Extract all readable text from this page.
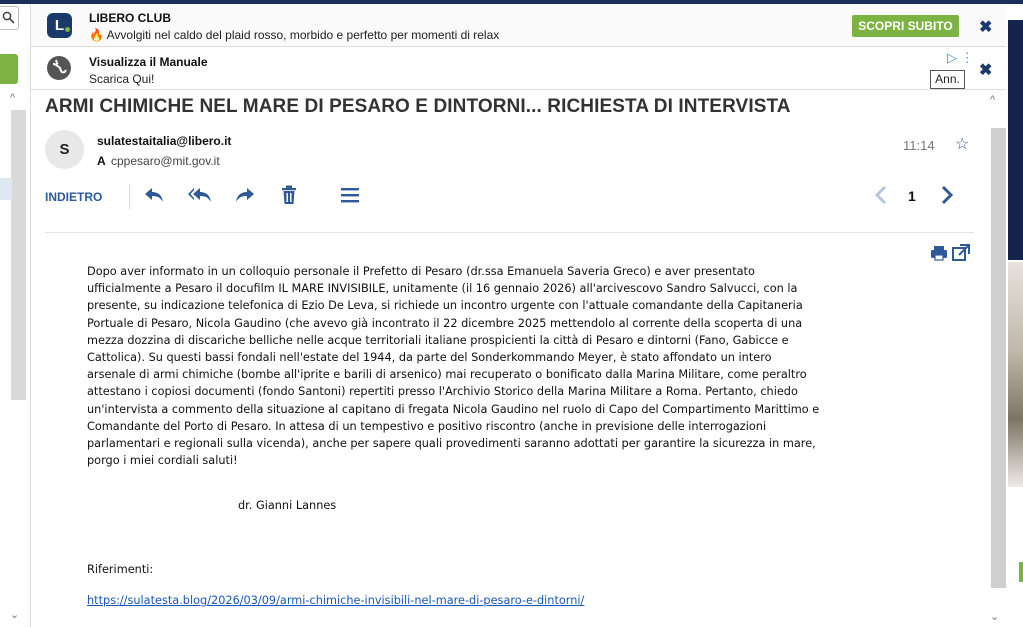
^
⌄
L	LIBERO CLUB
🔥 Avvolgiti nel caldo del plaid rosso, morbido e perfetto per momenti di relax
SCOPRI SUBITO	✖
Visualizza il Manuale
Scarica Qui!
▷ ⋮
Ann.	✖
ARMI CHIMICHE NEL MARE DI PESARO E DINTORNI... RICHIESTA DI INTERVISTA
S	sulatestaitalia@libero.it
A cppesaro@mit.gov.it
11:14 ☆
INDIETRO	1
Dopo aver informato in un colloquio personale il Prefetto di Pesaro (dr.ssa Emanuela Saveria Greco) e aver presentato ufficialmente a Pesaro il docufilm IL MARE INVISIBILE, unitamente (il 16 gennaio 2026) all'arcivescovo Sandro Salvucci, con la presente, su indicazione telefonica di Ezio De Leva, si richiede un incontro urgente con l'attuale comandante della Capitaneria Portuale di Pesaro, Nicola Gaudino (che avevo già incontrato il 22 dicembre 2025 mettendolo al corrente della scoperta di una mezza dozzina di discariche belliche nelle acque territoriali italiane prospicienti la città di Pesaro e dintorni (Fano, Gabicce e Cattolica). Su questi bassi fondali nell'estate del 1944, da parte del Sonderkommando Meyer, è stato affondato un intero arsenale di armi chimiche (bombe all'iprite e barili di arsenico) mai recuperato o bonificato dalla Marina Militare, come peraltro attestano i copiosi documenti (fondo Santoni) repertiti presso l'Archivio Storico della Marina Militare a Roma. Pertanto, chiedo un'intervista a commento della situazione al capitano di fregata Nicola Gaudino nel ruolo di Capo del Compartimento Marittimo e Comandante del Porto di Pesaro. In attesa di un tempestivo e positivo riscontro (anche in previsione delle interrogazioni parlamentari e regionali sulla vicenda), anche per sapere quali provedimenti saranno adottati per garantire la sicurezza in mare, porgo i miei cordiali saluti!
dr. Gianni Lannes
Riferimenti:
https://sulatesta.blog/2026/03/09/armi-chimiche-invisibili-nel-mare-di-pesaro-e-dintorni/
^
⌄
